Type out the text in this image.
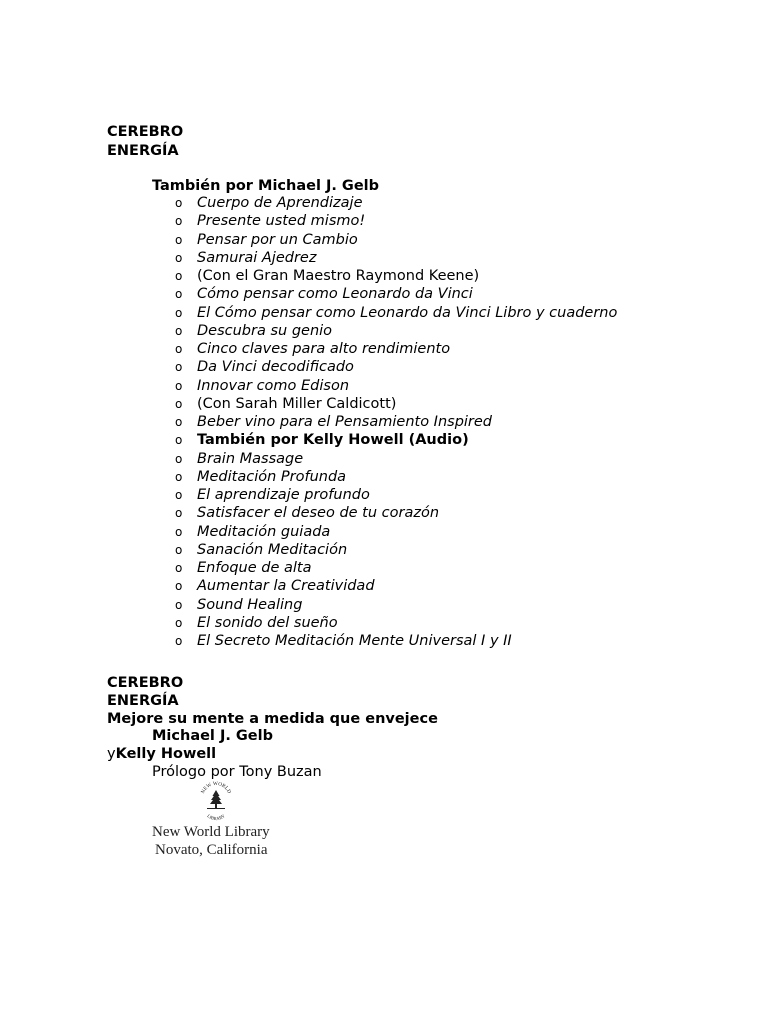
CEREBRO
ENERGÍA
También por Michael J. Gelb
o Cuerpo de Aprendizaje
o Presente usted mismo!
o Pensar por un Cambio
o Samurai Ajedrez
o (Con el Gran Maestro Raymond Keene)
o Cómo pensar como Leonardo da Vinci
o El Cómo pensar como Leonardo da Vinci Libro y cuaderno
o Descubra su genio
o Cinco claves para alto rendimiento
o Da Vinci decodificado
o Innovar como Edison
o (Con Sarah Miller Caldicott)
o Beber vino para el Pensamiento Inspired
o También por Kelly Howell (Audio)
o Brain Massage
o Meditación Profunda
o El aprendizaje profundo
o Satisfacer el deseo de tu corazón
o Meditación guiada
o Sanación Meditación
o Enfoque de alta
o Aumentar la Creatividad
o Sound Healing
o El sonido del sueño
o El Secreto Meditación Mente Universal I y II
CEREBRO
ENERGÍA
Mejore su mente a medida que envejece
Michael J. Gelb
yKelly Howell
Prólogo por Tony Buzan
NEW WORLD
LIBRARY
New World Library
Novato, California
